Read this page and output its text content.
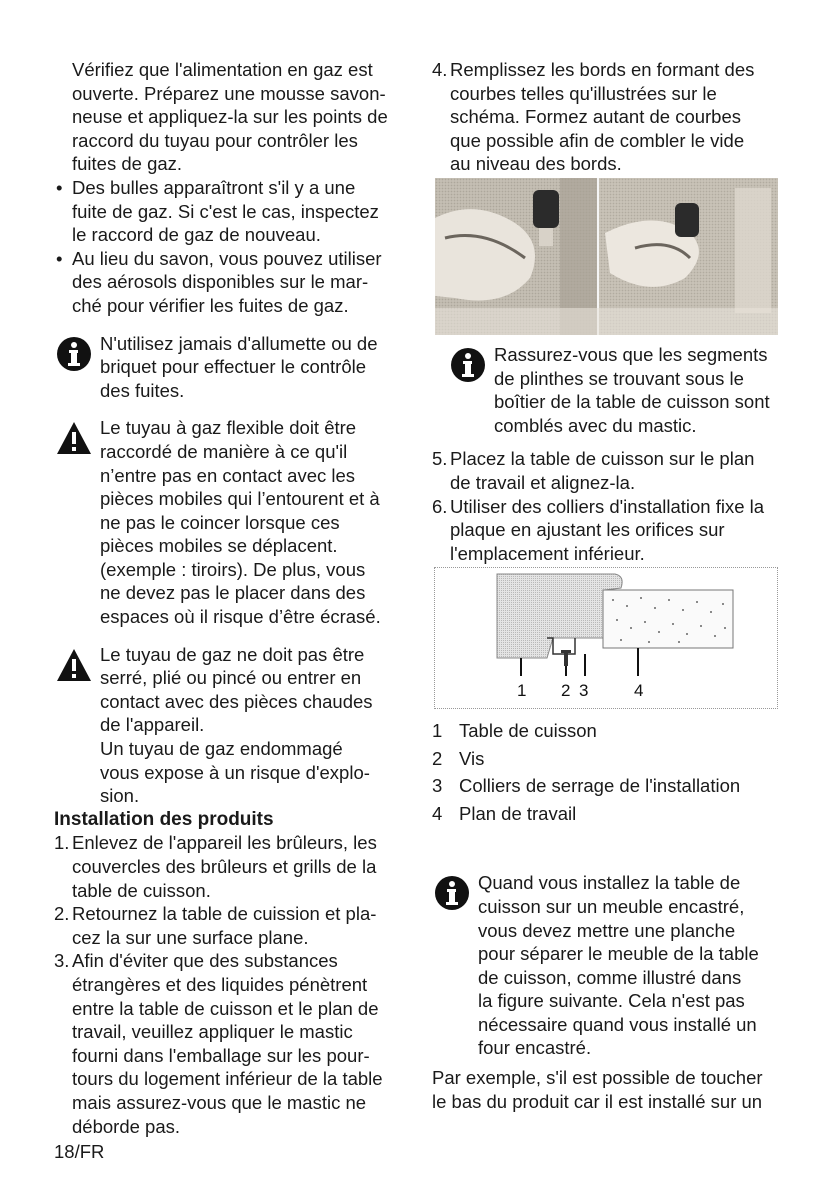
Vérifiez que l'alimentation en gaz est

ouverte. Préparez une mousse savon-

neuse et appliquez-la sur les points de

raccord du tuyau pour contrôler les

fuites de gaz.

• Des bulles apparaîtront s'il y a une

fuite de gaz. Si c'est le cas, inspectez

le raccord de gaz de nouveau.

• Au lieu du savon, vous pouvez utiliser

des aérosols disponibles sur le mar-

ché pour vérifier les fuites de gaz.

N'utilisez jamais d'allumette ou de

briquet pour effectuer le contrôle

des fuites.

Le tuyau à gaz flexible doit être

raccordé de manière à ce qu'il

n’entre pas en contact avec les

pièces mobiles qui l’entourent et à

ne pas le coincer lorsque ces

pièces mobiles se déplacent.

(exemple : tiroirs). De plus, vous

ne devez pas le placer dans des

espaces où il risque d’être écrasé.

Le tuyau de gaz ne doit pas être

serré, plié ou pincé ou entrer en

contact avec des pièces chaudes

de l'appareil.

Un tuyau de gaz endommagé

vous expose à un risque d'explo-

sion.

Installation des produits

1. Enlevez de l'appareil les brûleurs, les

couvercles des brûleurs et grills de la

table de cuisson.

2. Retournez la table de cuission et pla-

cez la sur une surface plane.

3. Afin d'éviter que des substances

étrangères et des liquides pénètrent

entre la table de cuisson et le plan de

travail, veuillez appliquer le mastic

fourni dans l'emballage sur les pour-

tours du logement inférieur de la table

mais assurez-vous que le mastic ne

déborde pas.

4. Remplissez les bords en formant des

courbes telles qu'illustrées sur le

schéma. Formez autant de courbes

que possible afin de combler le vide

au niveau des bords.

Rassurez-vous que les segments

de plinthes se trouvant sous le

boîtier de la table de cuisson sont

comblés avec du mastic.

5. Placez la table de cuisson sur le plan

de travail et alignez-la.

6. Utiliser des colliers d'installation fixe la

plaque en ajustant les orifices sur

l'emplacement inférieur.

1 2 3	4
1 Table de cuisson
2 Vis
3 Colliers de serrage de l'installation
4 Plan de travail

Quand vous installez la table de

cuisson sur un meuble encastré,

vous devez mettre une planche

pour séparer le meuble de la table

de cuisson, comme illustré dans

la figure suivante. Cela n'est pas

nécessaire quand vous installé un

four encastré.

Par exemple, s'il est possible de toucher

le bas du produit car il est installé sur un

18/FR
